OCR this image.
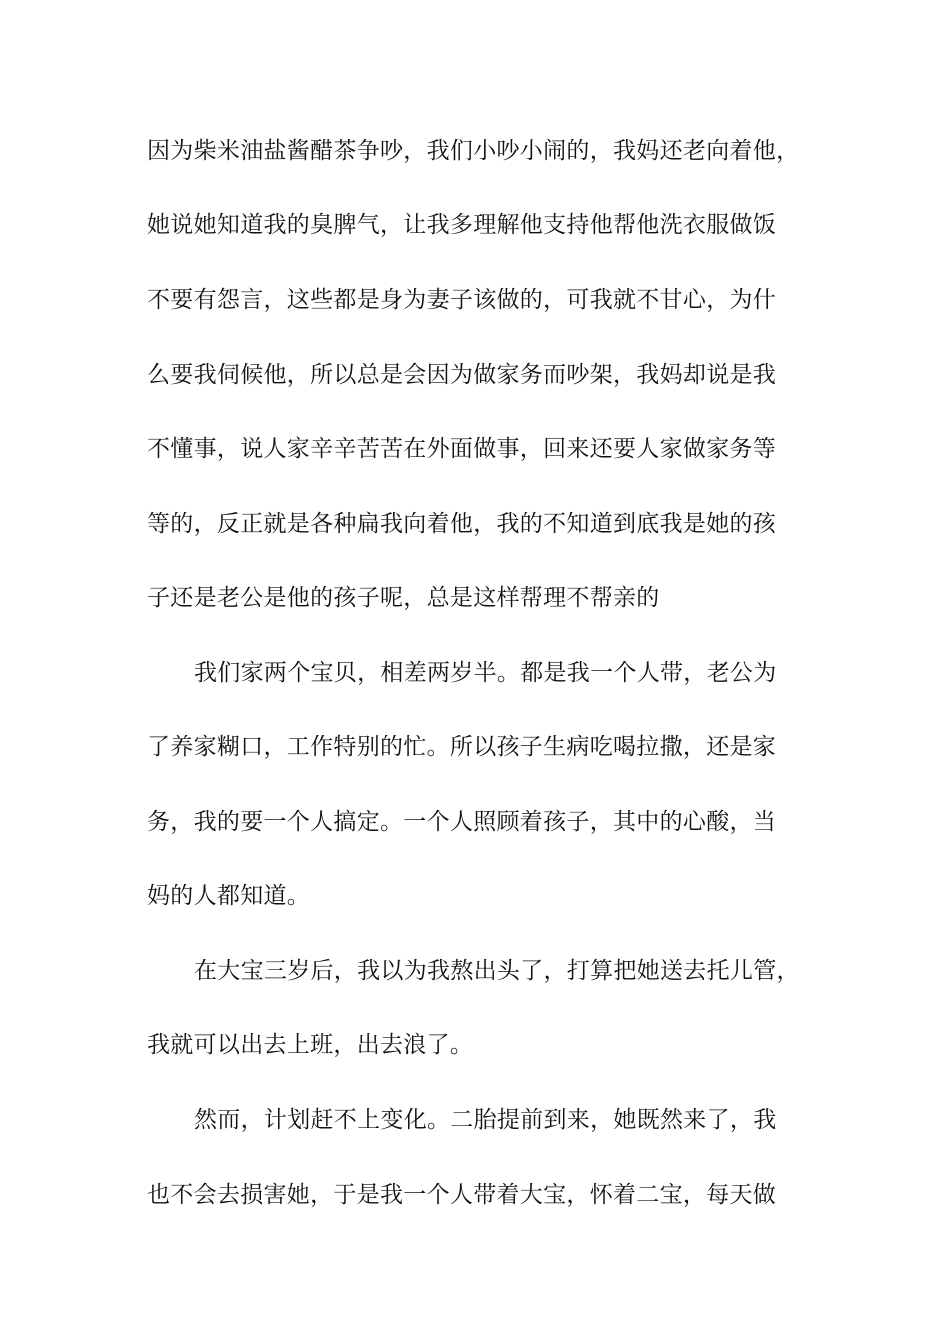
因为柴米油盐酱醋茶争吵，我们小吵小闹的，我妈还老向着他，
她说她知道我的臭脾气，让我多理解他支持他帮他洗衣服做饭
不要有怨言，这些都是身为妻子该做的，可我就不甘心，为什
么要我伺候他，所以总是会因为做家务而吵架，我妈却说是我
不懂事，说人家辛辛苦苦在外面做事，回来还要人家做家务等
等的，反正就是各种扁我向着他，我的不知道到底我是她的孩
子还是老公是他的孩子呢，总是这样帮理不帮亲的
我们家两个宝贝，相差两岁半。都是我一个人带，老公为
了养家糊口，工作特别的忙。所以孩子生病吃喝拉撒，还是家
务，我的要一个人搞定。一个人照顾着孩子，其中的心酸，当
妈的人都知道。
在大宝三岁后，我以为我熬出头了，打算把她送去托儿管，
我就可以出去上班，出去浪了。
然而，计划赶不上变化。二胎提前到来，她既然来了，我
也不会去损害她，于是我一个人带着大宝，怀着二宝，每天做
